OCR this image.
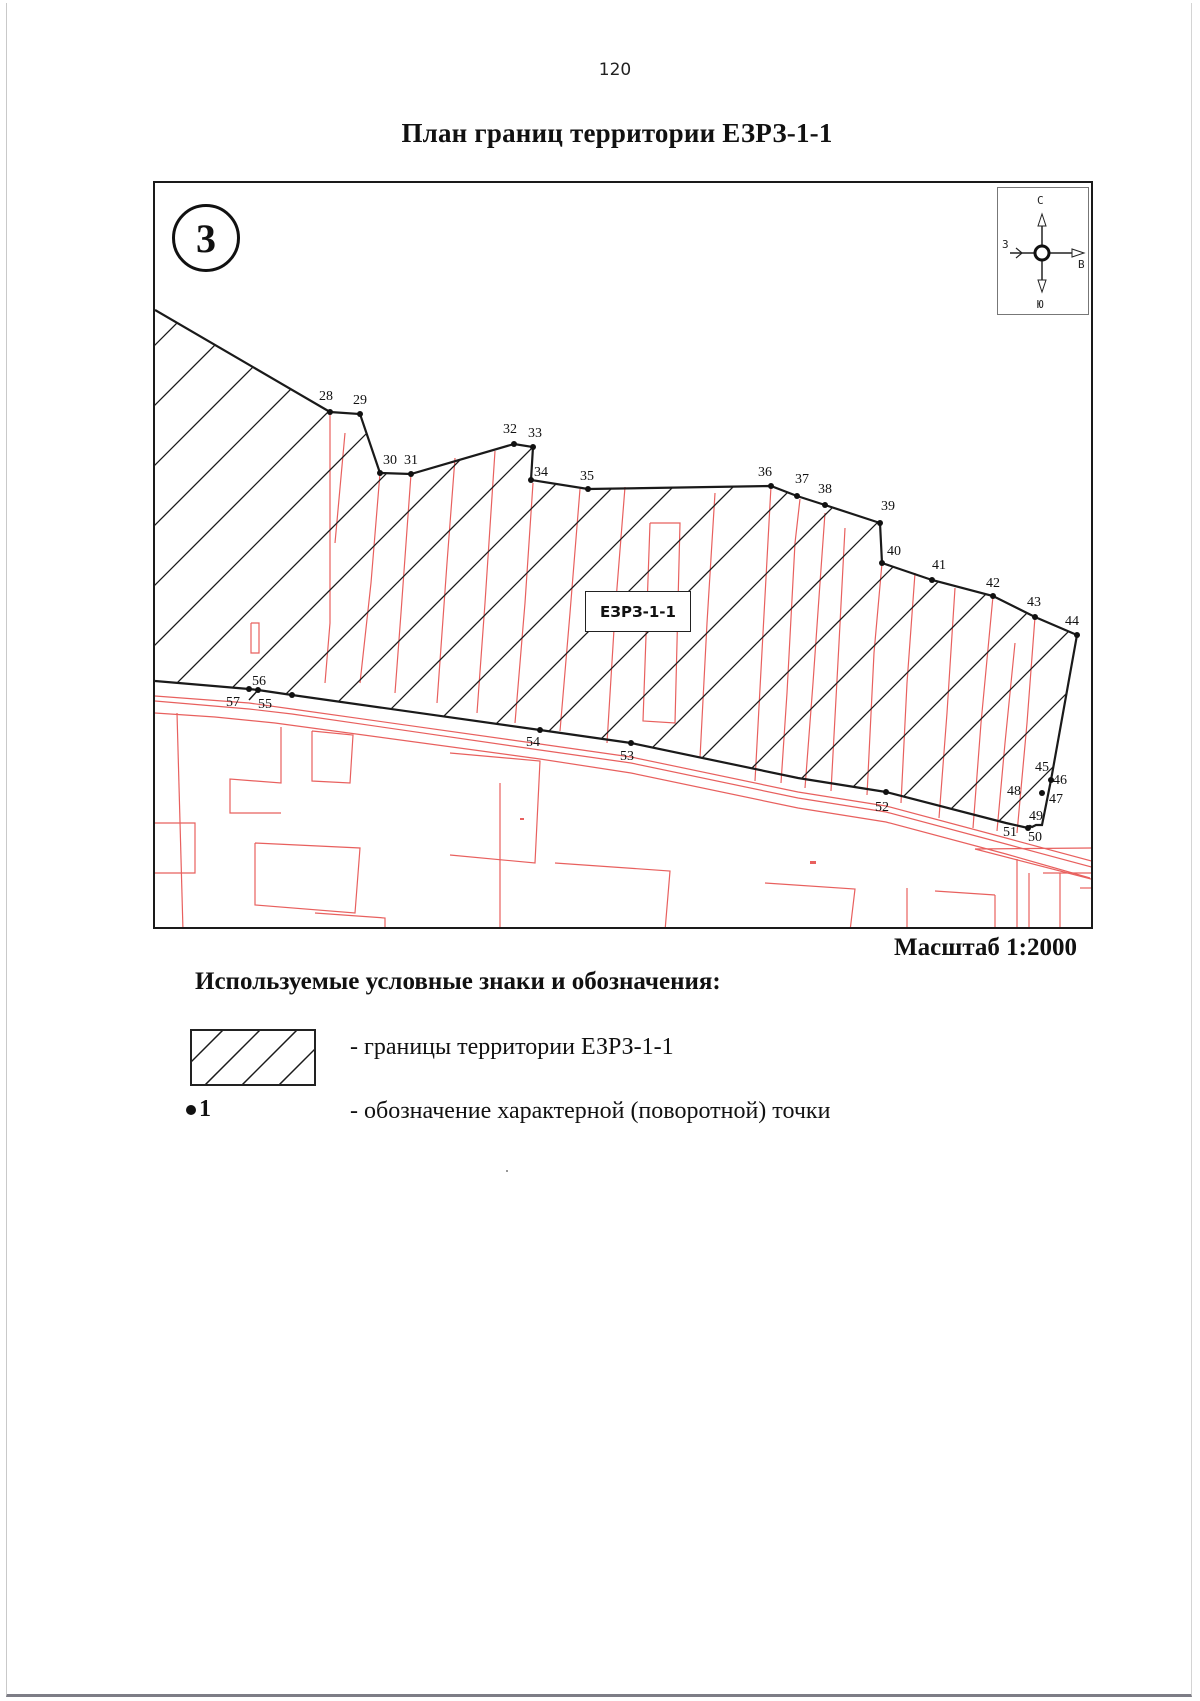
120
План границ территории ЕЗРЗ-1-1
3
С
Ю
В
З
ЕЗРЗ-1-1
28 29
30 31
32 33
34 35	36 37
38
39
40
41
42
43
44
45
46
47
48
49
50
51
52
53
54
55
56
57
Масштаб 1:2000
Используемые условные знаки и обозначения:
- границы территории ЕЗРЗ-1-1
1	- обозначение характерной (поворотной) точки
